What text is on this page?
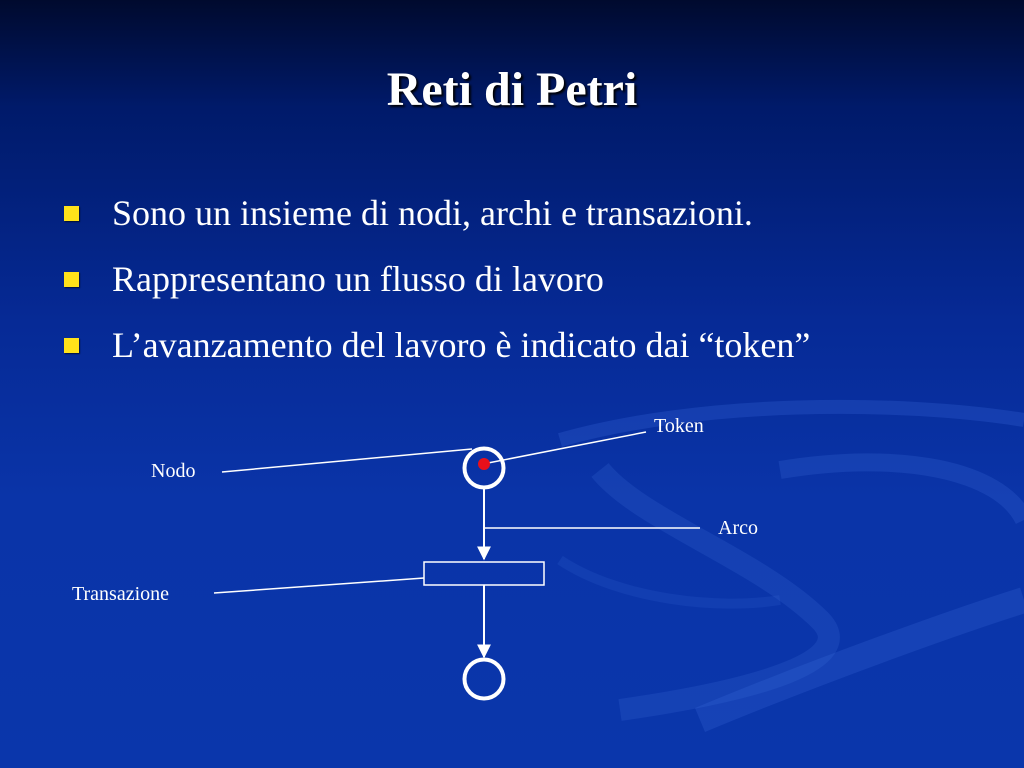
Reti di Petri
Sono un insieme di nodi, archi e transazioni.
Rappresentano un flusso di lavoro
L’avanzamento del lavoro è indicato dai “token”
Token
Nodo
Arco
Transazione
